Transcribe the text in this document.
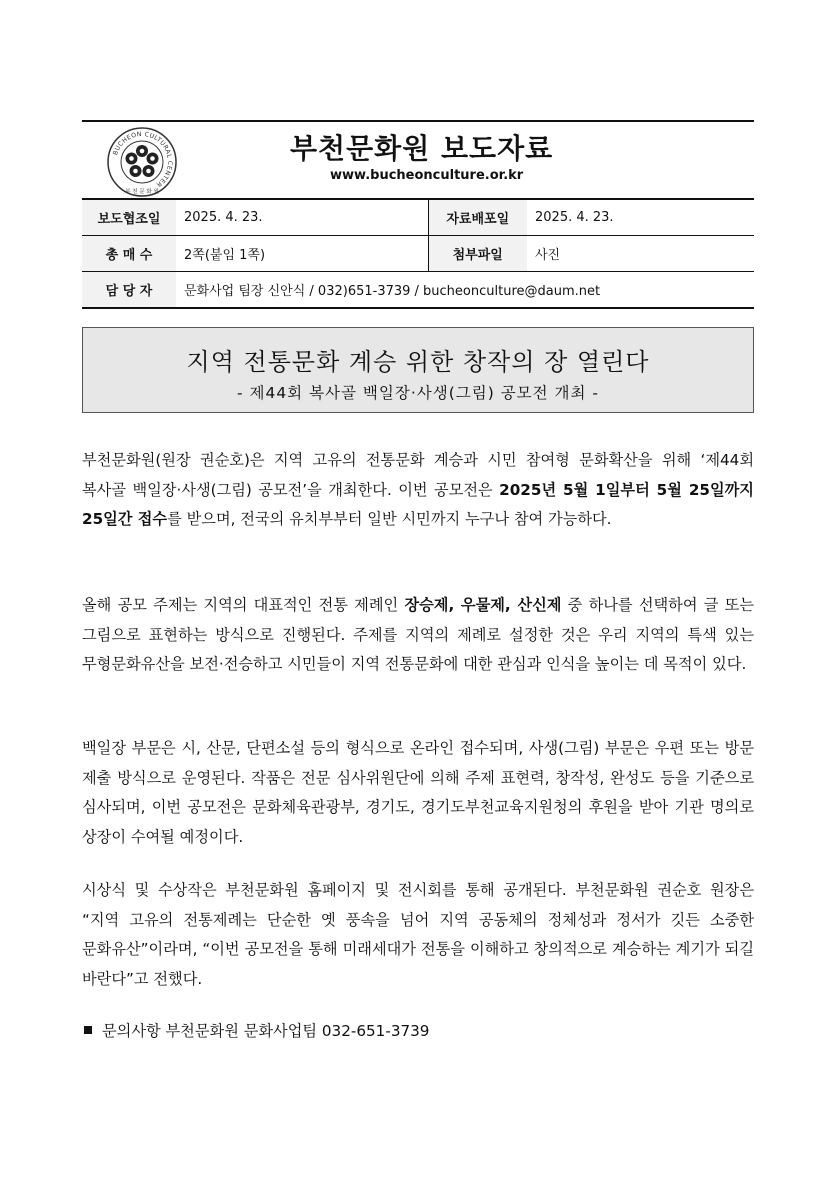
BUCHEON CULTURAL CENTER
부 천 문 화 원
부천문화원 보도자료
www.bucheonculture.or.kr
보도협조일	2025. 4. 23.	자료배포일	2025. 4. 23.
총 매 수	2쪽(붙임 1쪽)	첨부파일	사진
담 당 자	문화사업 팀장 신안식 / 032)651-3739 / bucheonculture@daum.net		
지역 전통문화 계승 위한 창작의 장 열린다
- 제44회 복사골 백일장·사생(그림) 공모전 개최 -
부천문화원(원장 권순호)은 지역 고유의 전통문화 계승과 시민 참여형 문화확산을 위해 ‘제44회 복사골 백일장·사생(그림) 공모전’을 개최한다. 이번 공모전은 2025년 5월 1일부터 5월 25일까지 25일간 접수를 받으며, 전국의 유치부부터 일반 시민까지 누구나 참여 가능하다.
올해 공모 주제는 지역의 대표적인 전통 제례인 장승제, 우물제, 산신제 중 하나를 선택하여 글 또는 그림으로 표현하는 방식으로 진행된다. 주제를 지역의 제례로 설정한 것은 우리 지역의 특색 있는 무형문화유산을 보전·전승하고 시민들이 지역 전통문화에 대한 관심과 인식을 높이는 데 목적이 있다.
백일장 부문은 시, 산문, 단편소설 등의 형식으로 온라인 접수되며, 사생(그림) 부문은 우편 또는 방문 제출 방식으로 운영된다. 작품은 전문 심사위원단에 의해 주제 표현력, 창작성, 완성도 등을 기준으로 심사되며, 이번 공모전은 문화체육관광부, 경기도, 경기도부천교육지원청의 후원을 받아 기관 명의로 상장이 수여될 예정이다.
시상식 및 수상작은 부천문화원 홈페이지 및 전시회를 통해 공개된다. 부천문화원 권순호 원장은 “지역 고유의 전통제례는 단순한 옛 풍속을 넘어 지역 공동체의 정체성과 정서가 깃든 소중한 문화유산”이라며, “이번 공모전을 통해 미래세대가 전통을 이해하고 창의적으로 계승하는 계기가 되길 바란다”고 전했다.
문의사항 부천문화원 문화사업팀 032-651-3739
